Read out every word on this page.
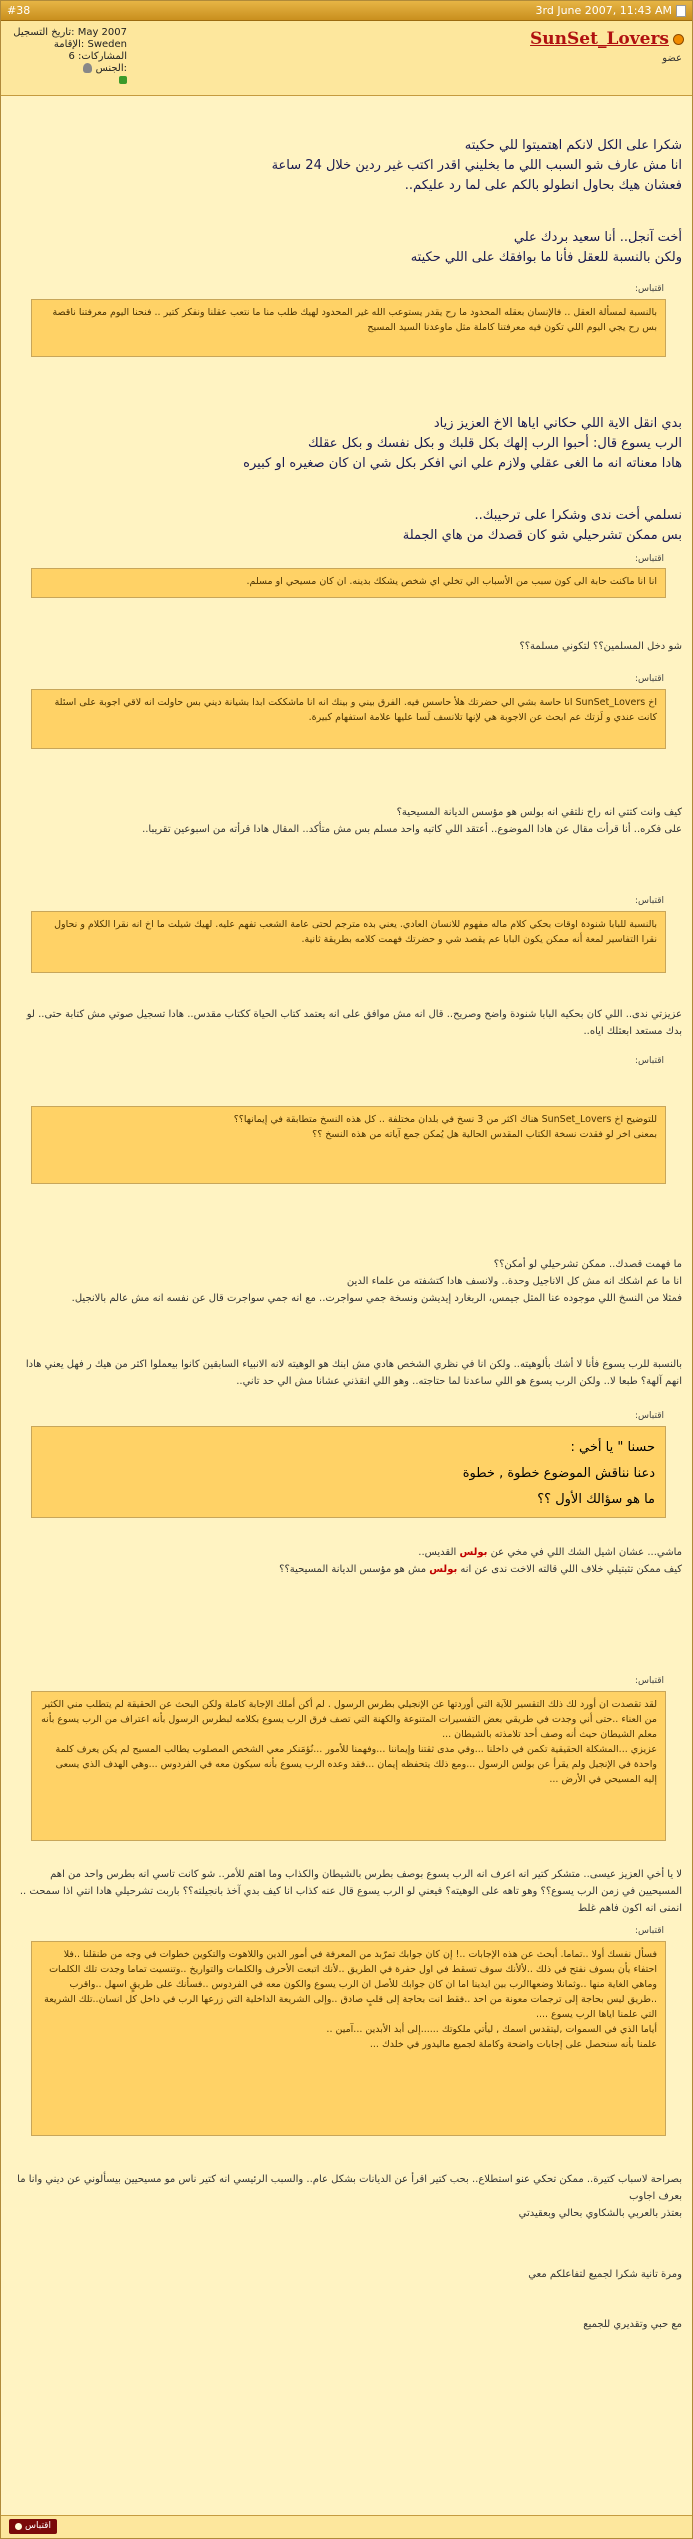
#38	3rd June 2007, 11:43 AM
تاريخ التسجيل: May 2007
الإقامة: Sweden
المشاركات: 6
الجنس:
SunSet_Lovers
عضو
شكرا على الكل لانكم اهتميتوا للي حكيته
انا مش عارف شو السبب اللي ما بخليني اقدر اكتب غير ردين خلال 24 ساعة
فعشان هيك بحاول انطولو بالكم على لما رد عليكم..
أخت آنجل.. أنا سعيد بردك علي
ولكن بالنسبة للعقل فأنا ما بوافقك على اللي حكيته
اقتباس:
بالنسبة لمسألة العقل .. فالإنسان بعقله المحدود ما رح يقدر يستوعب الله غير المحدود لهيك طلب منا ما نتعب عقلنا ونفكر كتير .. فنحنا اليوم معرفتنا ناقصة بس رح يجي اليوم اللي تكون فيه معرفتنا كاملة مثل ماوعدنا السيد المسيح
بدي انقل الاية اللي حكاني اياها الاخ العزيز زياد
الرب يسوع قال: أحبوا الرب إلهك بكل قلبك و بكل نفسك و بكل عقلك
هادا معناته انه ما الغى عقلي ولازم علي اني افكر بكل شي ان كان صغيره او كبيره
نسلمي أخت ندى وشكرا على ترحيبك..
بس ممكن تشرحيلي شو كان قصدك من هاي الجملة
اقتباس:
انا انا ماكنت حابة الى كون سبب من الأسباب الي تخلي اي شخص يشكك بدينه. ان كان مسيحي او مسلم.
شو دخل المسلمين؟؟ لتكوني مسلمة؟؟
اقتباس:
اخ SunSet_Lovers انا حاسة بشي الي حضرتك هلأ حاسس فيه. الفرق بيني و بينك انه انا ماشككت ابدا بشيانة ديني بس حاولت انه لاقي اجوبة على اسئلة كانت عندي و لَزتك عم ابحث عن الاجوبة هي لإنها تلانسف لَسا عليها علامة استفهام كبيرة.
كيف وانت كتتي انه راح نلتقي انه بولس هو مؤسس الديانة المسيحية؟
على فكره.. أنا قرأت مقال عن هادا الموضوع.. أعتقد اللي كاتبه واحد مسلم بس مش متأكد.. المقال هادا قرأته من اسبوعين تقريبا..
اقتباس:
بالنسبة للبابا شنودة اوقات بحكي كلام ماله مفهوم للانسان العادي. يعني بده مترجم لحتى عامة الشعب تفهم عليه. لهيك شيلت ما اخ انه نقرا الكلام و نحاول نقرا التفاسير لمعة أنه ممكن يكون البابا عم يقصد شي و حضرتك فهمت كلامه بطريقة ثانية.
عزيزتي ندى.. اللي كان بحكيه البابا شنودة واضح وصريح.. قال انه مش موافق على انه يعتمد كتاب الحياة ككتاب مقدس.. هادا تسجيل صوتي مش كتابة حتى.. لو بدك مستعد ابعثلك اياه..
اقتباس:
للتوضيح اخ SunSet_Lovers هناك اكثر من 3 نسخ في بلدان مختلفة .. كل هذه النسخ متطابقة في إيمانها؟؟
بمعنى اخر لو فقدت نسخة الكتاب المقدس الحالية هل يُمكن جمع آياته من هذه النسخ ؟؟
ما فهمت قصدك.. ممكن تشرحيلي لو أمكن؟؟
انا ما عم اشكك انه مش كل الاناجيل وحدة.. ولانسف هادا كتشفته من علماء الدين
فمثلا من النسخ اللي موجوده عنا المثل جيمس، الربغارد إيديشن ونسخة جمي سواجرت.. مع انه جمي سواجرت قال عن نفسه انه مش عالم بالانجيل.
بالنسبة للرب يسوع فأنا لا أشك بألوهيته.. ولكن انا في نظري الشخص هادي مش ابنك هو الوهيته لانه الانبياء السابقين كانوا بيعملوا اكثر من هيك ر فهل يعني هادا انهم آلهة؟ طبعا لا.. ولكن الرب يسوع هو اللي ساعدنا لما حتاجته.. وهو اللي انقذني عشانا مش الي حد تاني..
اقتباس:
حسنا " يا أخي :
دعنا نناقش الموضوع خطوة , خطوة
ما هو سؤالك الأول ؟؟
ماشي... عشان اشيل الشك اللي في مخي عن بولس القديس..
كيف ممكن تثبتيلي خلاف اللي قالته الاخت ندى عن انه بولس مش هو مؤسس الديانة المسيحية؟؟
اقتباس:
لقد تقصدت ان أورد لك ذلك التقسير للآية التي أوردتها عن الإنجيلي بطرس الرسول . لم أكن أملك الإجابة كاملة ولكن البحث عن الحقيقة لم يتطلب مني الكثير من العناء ..حتى أني وجدت في طريقي بعض التفسيرات المتنوعة والكهنة التي تصف فرق الرب يسوع بكلامه لبطرس الرسول بأنه اعتراف من الرب يسوع بأنه معلم الشيطان حيث أنه وصف أحد تلامذته بالشيطان ...
عزيزي ...المشكلة الحقيقية تكمن في داخلنا ...وفي مدى ثقتنا وإيماننا ...وفهمنا للأمور ...نُؤمَنكر معي الشخص المصلوب يطالب المسيح لم يكن يعرف كلمة واحدة في الإنجيل ولم يقرأ عن بولس الرسول ...ومع ذلك يتحفظه إيمان ...فقد وعده الرب يسوع بأنه سيكون معه في الفردوس ...وهي الهدف الذي يسعى إليه المسيحي في الأرض ...
لا يا أخي العزيز عيسى.. متشكر كتير انه اعرف انه الرب يسوع بوصف بطرس بالشيطان والكذاب وما اهتم للأمر.. شو كانت تاسي انه بطرس واحد من اهم المسيحيين في زمن الرب يسوع؟؟ وهو تاهه على الوهيته؟ فيعني لو الرب يسوع قال عنه كذاب انا كيف بدي آخذ بانجيلته؟؟ باربت تشرحيلي هادا انتي اذا سمحت .. انمنى انه اكون فاهم غلط
اقتباس:
فسأل نفسك أولا ..تماما. أبحث عن هذه الإجابات ..! إن كان جوابك تمرّبد من المعرفة في أمور الدين واللاهوت والتكوين خطوات في وجه من طنقلنا ..فلا احتفاء يأن بسوف نفتح في ذلك ..لألأنك سوف تسقط في اول حفرة في الطريق ..لأنك اتبعت الأحرف والكلمات والتواريخ ..وتنسيت تماما وجدت تلك الكلمات وماهي الغاية منها ..وثمانلا وضعهاالرب بين ايدينا اما ان كان جوابك للأصل ان الرب يسوع والكون معه في الفردوس ..فسأنك على طريقٍ اسهل ..واقرب ..طريق ليس بحاجة إلى ترجمات معونة من احد ..فقط انت بحاجة إلى قلبٍ صادق ..وإلى الشريعة الداخلية التي زرعها الرب في داخل كل انسان..تلك الشريعة التي علمنا اياها الرب يسوع ....
أياما الذي في السموات ,ليتقدس اسمك , ليأتي ملكوتك ......إلى أبد الأبدين ...آمين ..
علمنا بأنه سنحصل على إجابات واضحة وكاملة لجميع ماليدور في خلدك ...
بصراحة لاسباب كتيرة.. ممكن تحكي عنو استطلاع.. بحب كتير اقرأ عن الديانات بشكل عام.. والسبب الرئيسي انه كتير ناس مو مسيحيين بيسألوني عن ديني وانا ما بعرف اجاوب
بعتذر بالعربي بالشكاوي بحالي وبعقيدتي
ومرة تانية شكرا لجميع لتفاعلكم معي
مع حبي وتقديري للجميع
اقتباس
